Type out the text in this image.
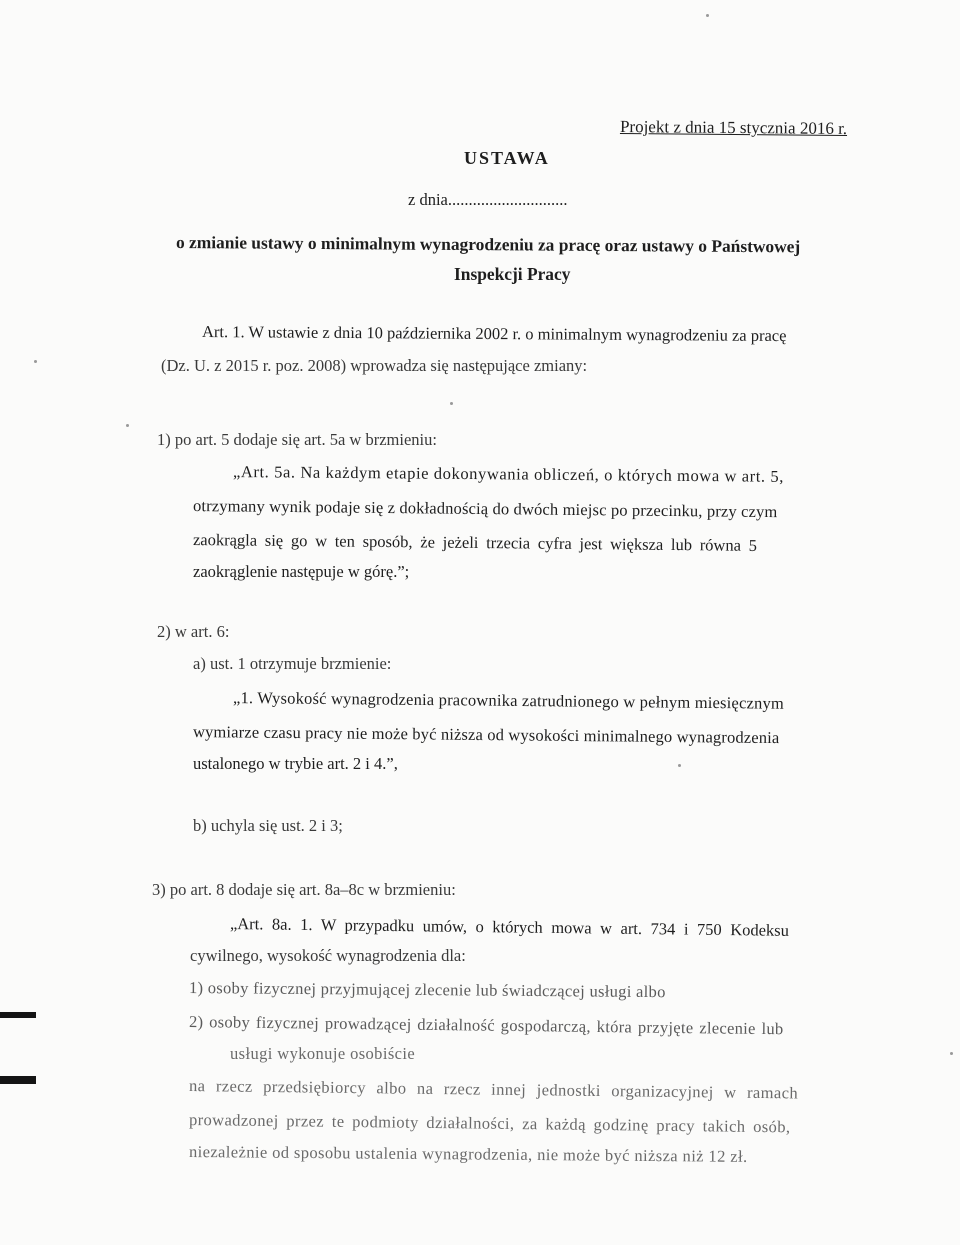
Projekt z dnia 15 stycznia 2016 r.
USTAWA
z dnia.............................
o zmianie ustawy o minimalnym wynagrodzeniu za pracę oraz ustawy o Państwowej
Inspekcji Pracy
Art. 1. W ustawie z dnia 10 października 2002 r. o minimalnym wynagrodzeniu za pracę
(Dz. U. z 2015 r. poz. 2008) wprowadza się następujące zmiany:
1) po art. 5 dodaje się art. 5a w brzmieniu:
„Art. 5a. Na każdym etapie dokonywania obliczeń, o których mowa w art. 5,
otrzymany wynik podaje się z dokładnością do dwóch miejsc po przecinku, przy czym
zaokrągla się go w ten sposób, że jeżeli trzecia cyfra jest większa lub równa 5
zaokrąglenie następuje w górę.”;
2) w art. 6:
a) ust. 1 otrzymuje brzmienie:
„1. Wysokość wynagrodzenia pracownika zatrudnionego w pełnym miesięcznym
wymiarze czasu pracy nie może być niższa od wysokości minimalnego wynagrodzenia
ustalonego w trybie art. 2 i 4.”,
b) uchyla się ust. 2 i 3;
3) po art. 8 dodaje się art. 8a–8c w brzmieniu:
„Art. 8a. 1. W przypadku umów, o których mowa w art. 734 i 750 Kodeksu
cywilnego, wysokość wynagrodzenia dla:
1) osoby fizycznej przyjmującej zlecenie lub świadczącej usługi albo
2) osoby fizycznej prowadzącej działalność gospodarczą, która przyjęte zlecenie lub
usługi wykonuje osobiście
na rzecz przedsiębiorcy albo na rzecz innej jednostki organizacyjnej w ramach
prowadzonej przez te podmioty działalności, za każdą godzinę pracy takich osób,
niezależnie od sposobu ustalenia wynagrodzenia, nie może być niższa niż 12 zł.
